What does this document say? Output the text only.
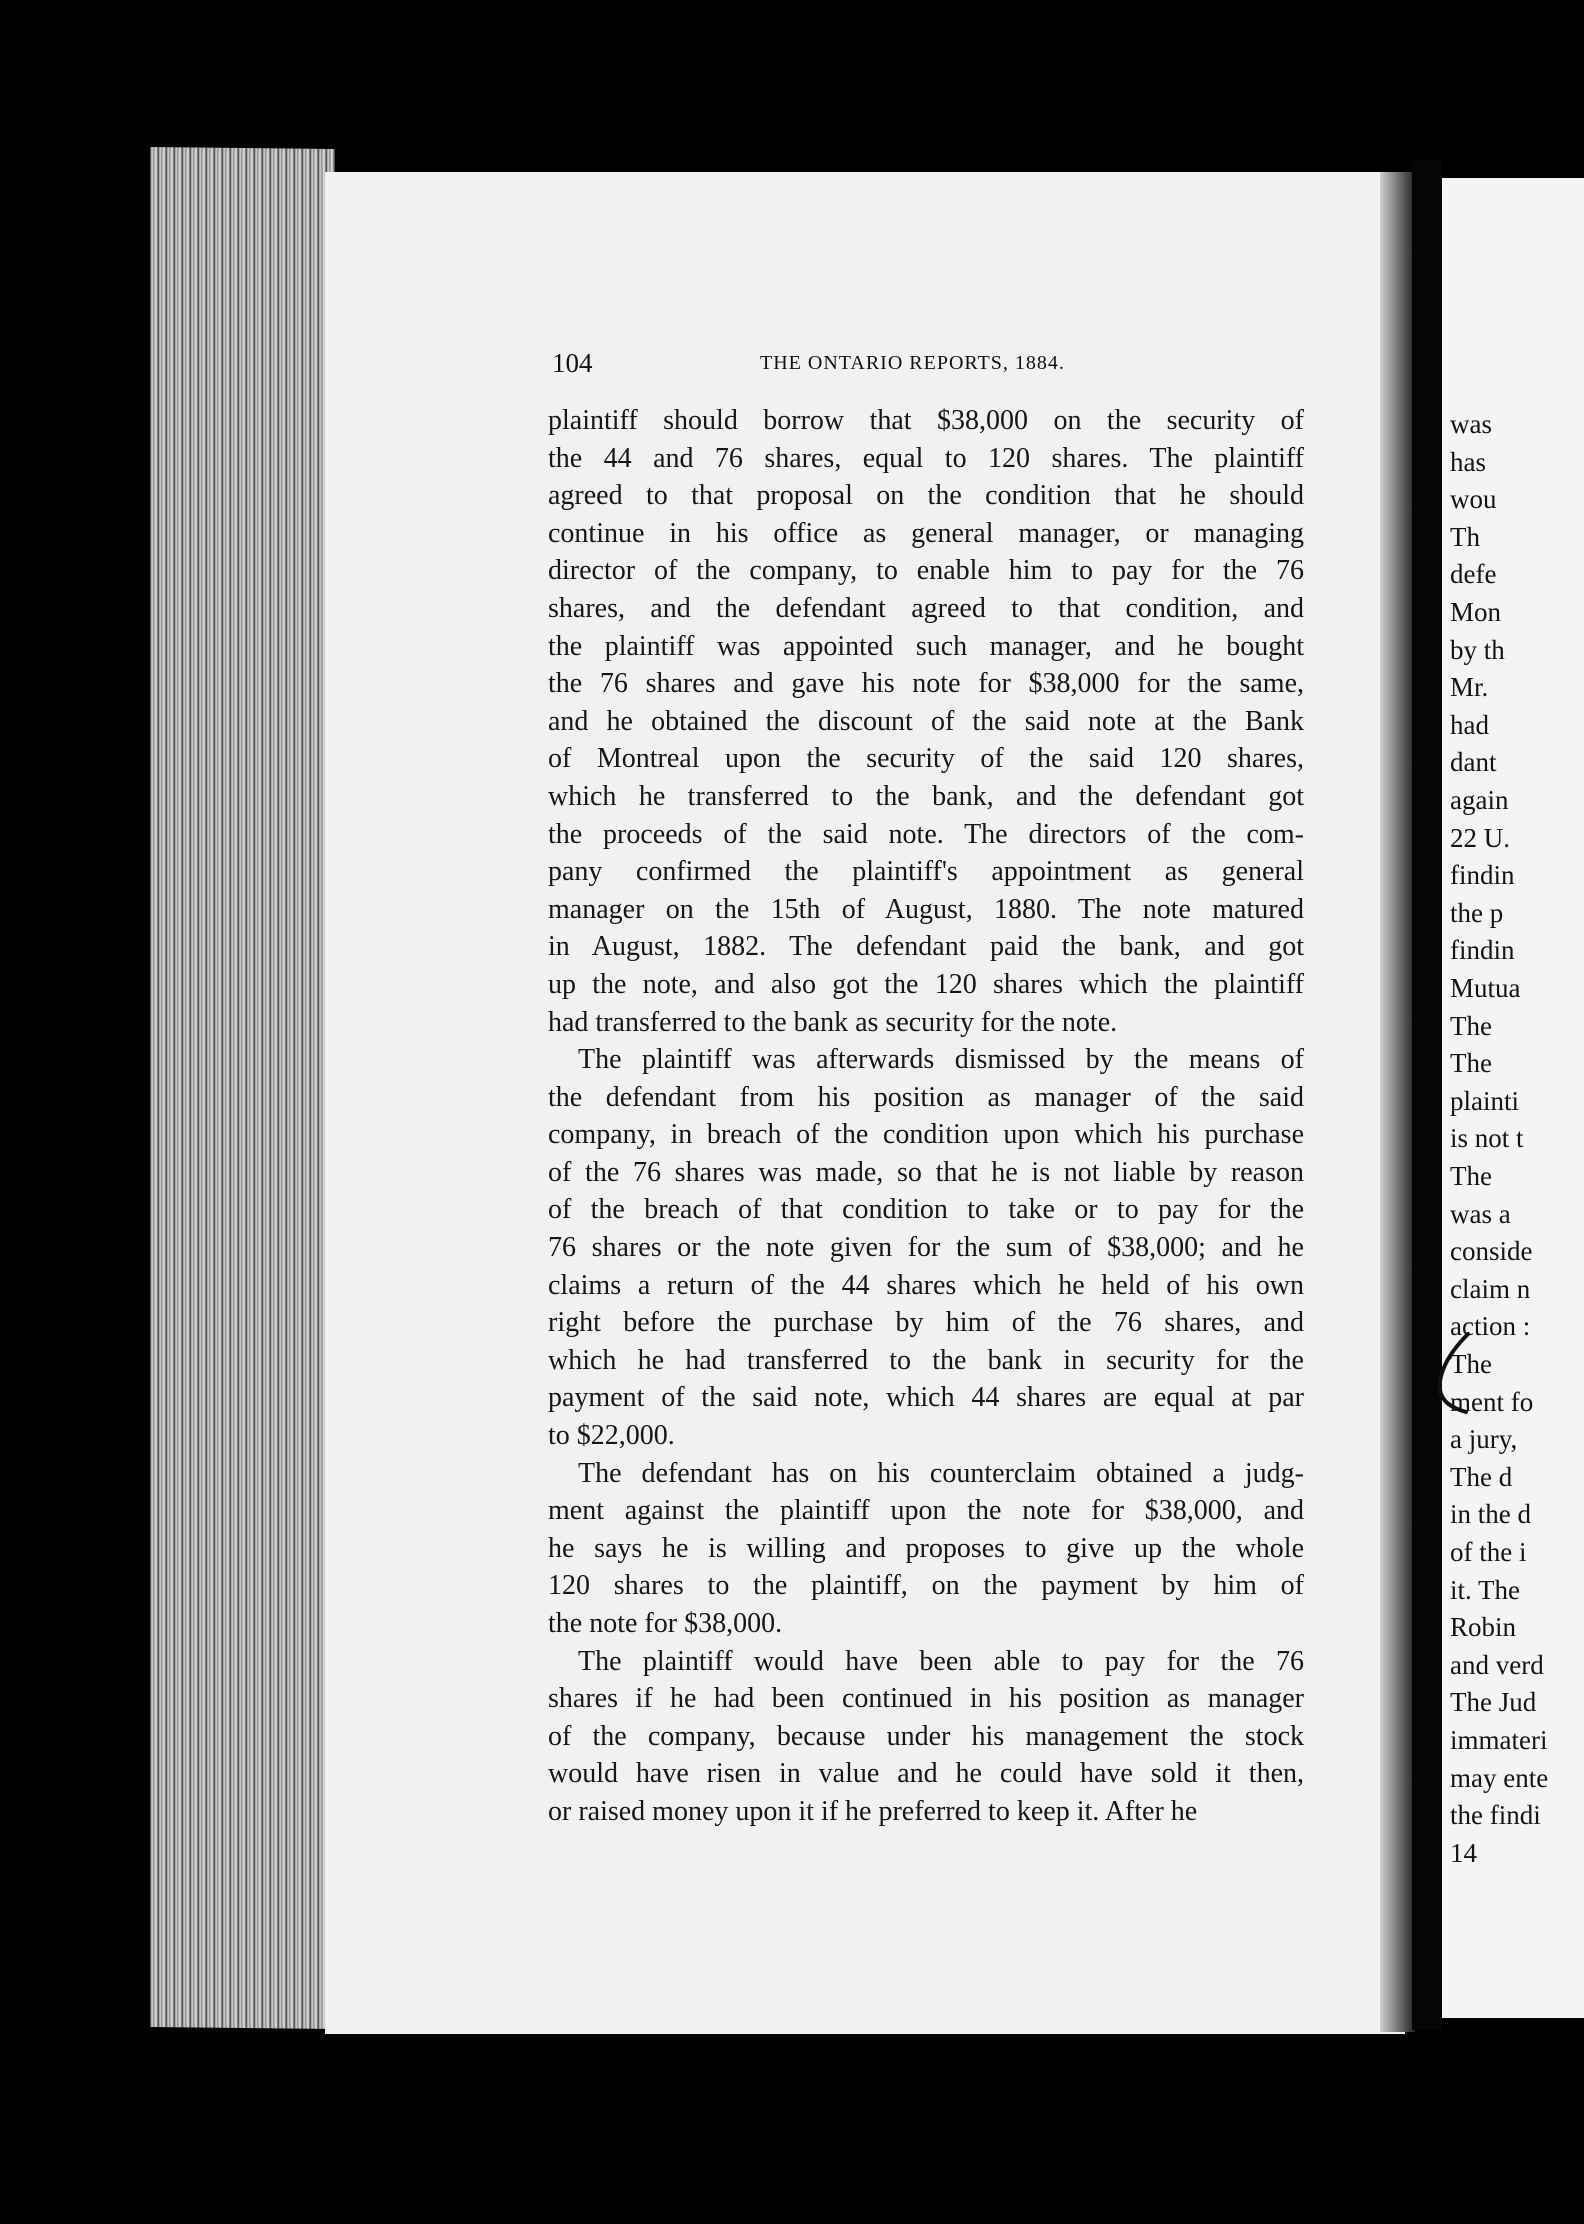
was
has
wou
Th
defe
Mon
by th
Mr.
had
dant
again
22 U.
findin
the p
findin
Mutua
The
The
plainti
is not t
The
was a
conside
claim n
action :
The
ment fo
a jury,
The d
in the d
of the i
it. The
Robin
and verd
The Jud
immateri
may ente
the findi
14
104	THE ONTARIO REPORTS, 1884.
plaintiff should borrow that $38,000 on the security of
the 44 and 76 shares, equal to 120 shares. The plaintiff
agreed to that proposal on the condition that he should
continue in his office as general manager, or managing
director of the company, to enable him to pay for the 76
shares, and the defendant agreed to that condition, and
the plaintiff was appointed such manager, and he bought
the 76 shares and gave his note for $38,000 for the same,
and he obtained the discount of the said note at the Bank
of Montreal upon the security of the said 120 shares,
which he transferred to the bank, and the defendant got
the proceeds of the said note. The directors of the com-
pany confirmed the plaintiff's appointment as general
manager on the 15th of August, 1880. The note matured
in August, 1882. The defendant paid the bank, and got
up the note, and also got the 120 shares which the plaintiff
had transferred to the bank as security for the note.
The plaintiff was afterwards dismissed by the means of
the defendant from his position as manager of the said
company, in breach of the condition upon which his purchase
of the 76 shares was made, so that he is not liable by reason
of the breach of that condition to take or to pay for the
76 shares or the note given for the sum of $38,000; and he
claims a return of the 44 shares which he held of his own
right before the purchase by him of the 76 shares, and
which he had transferred to the bank in security for the
payment of the said note, which 44 shares are equal at par
to $22,000.
The defendant has on his counterclaim obtained a judg-
ment against the plaintiff upon the note for $38,000, and
he says he is willing and proposes to give up the whole
120 shares to the plaintiff, on the payment by him of
the note for $38,000.
The plaintiff would have been able to pay for the 76
shares if he had been continued in his position as manager
of the company, because under his management the stock
would have risen in value and he could have sold it then,
or raised money upon it if he preferred to keep it. After he
